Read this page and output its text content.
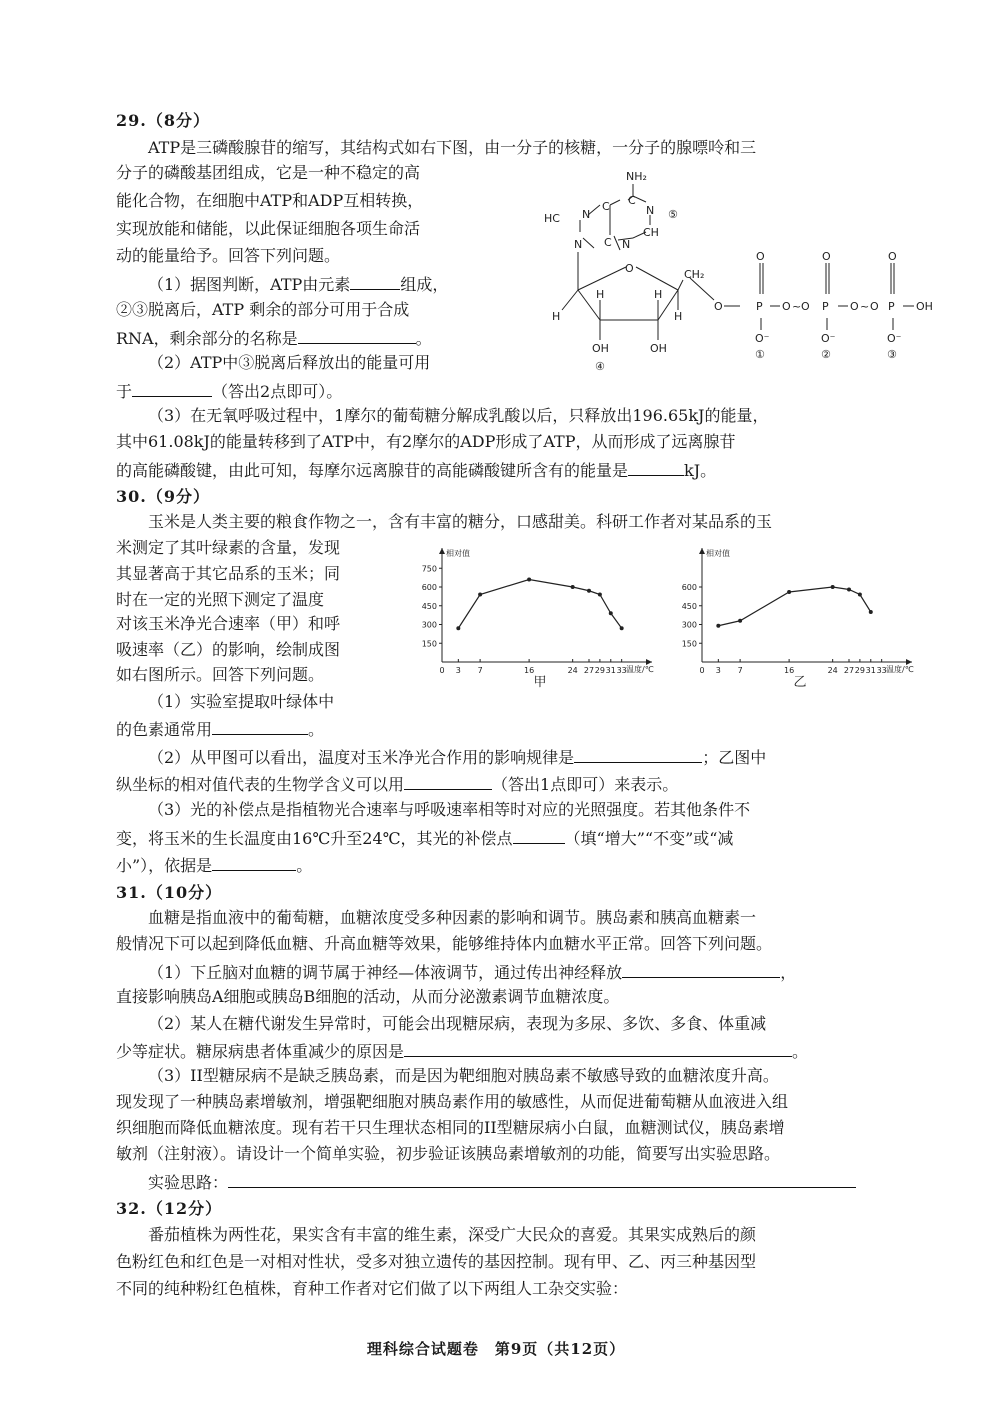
29.（8分）
ATP是三磷酸腺苷的缩写，其结构式如右下图，由一分子的核糖，一分子的腺嘌呤和三
分子的磷酸基团组成，它是一种不稳定的高
能化合物，在细胞中ATP和ADP互相转换，
实现放能和储能，以此保证细胞各项生命活
动的能量给予。回答下列问题。
（1）据图判断，ATP由元素	组成，
②③脱离后，ATP 剩余的部分可用于合成
RNA，剩余部分的名称是	。
（2）ATP中③脱离后释放出的能量可用
于	（答出2点即可）。
（3）在无氧呼吸过程中，1摩尔的葡萄糖分解成乳酸以后，只释放出196.65kJ的能量，
其中61.08kJ的能量转移到了ATP中，有2摩尔的ADP形成了ATP，从而形成了远离腺苷
的高能磷酸键，由此可知，每摩尔远离腺苷的高能磷酸键所含有的能量是	kJ。
NH₂
C
N ⑤
C
N
HC
N C N
CH
O	CH₂
H
H	H
H
OH	OH
④
O
O
P
O⁻
①
O ~ O
O
P
O⁻
②
O ~ O
O
P
O⁻
③
OH
30.（9分）
玉米是人类主要的粮食作物之一，含有丰富的糖分，口感甜美。科研工作者对某品系的玉
米测定了其叶绿素的含量，发现
其显著高于其它品系的玉米；同
时在一定的光照下测定了温度
对该玉米净光合速率（甲）和呼
吸速率（乙）的影响，绘制成图
如右图所示。回答下列问题。
（1）实验室提取叶绿体中
的色素通常用	。
（2）从甲图可以看出，温度对玉米净光合作用的影响规律是	；乙图中
纵坐标的相对值代表的生物学含义可以用	（答出1点即可）来表示。
（3）光的补偿点是指植物光合速率与呼吸速率相等时对应的光照强度。若其他条件不
变，将玉米的生长温度由16℃升至24℃，其光的补偿点	（填“增大”“不变”或“减
小”），依据是	。
相对值
温度/℃
150
300
450
600
750
0 3 7	16	24 27 29 31 33
甲
相对值
温度/℃
150
300
450
600
0 3 7	16	24 27 29 31 33
乙
31.（10分）
血糖是指血液中的葡萄糖，血糖浓度受多种因素的影响和调节。胰岛素和胰高血糖素一
般情况下可以起到降低血糖、升高血糖等效果，能够维持体内血糖水平正常。回答下列问题。
（1）下丘脑对血糖的调节属于神经—体液调节，通过传出神经释放	，
直接影响胰岛A细胞或胰岛B细胞的活动，从而分泌激素调节血糖浓度。
（2）某人在糖代谢发生异常时，可能会出现糖尿病，表现为多尿、多饮、多食、体重减
少等症状。糖尿病患者体重减少的原因是	。
（3）II型糖尿病不是缺乏胰岛素，而是因为靶细胞对胰岛素不敏感导致的血糖浓度升高。
现发现了一种胰岛素增敏剂，增强靶细胞对胰岛素作用的敏感性，从而促进葡萄糖从血液进入组
织细胞而降低血糖浓度。现有若干只生理状态相同的II型糖尿病小白鼠，血糖测试仪，胰岛素增
敏剂（注射液）。请设计一个简单实验，初步验证该胰岛素增敏剂的功能，简要写出实验思路。
实验思路：
32.（12分）
番茄植株为两性花，果实含有丰富的维生素，深受广大民众的喜爱。其果实成熟后的颜
色粉红色和红色是一对相对性状，受多对独立遗传的基因控制。现有甲、乙、丙三种基因型
不同的纯种粉红色植株，育种工作者对它们做了以下两组人工杂交实验：
理科综合试题卷　第9页（共12页）
